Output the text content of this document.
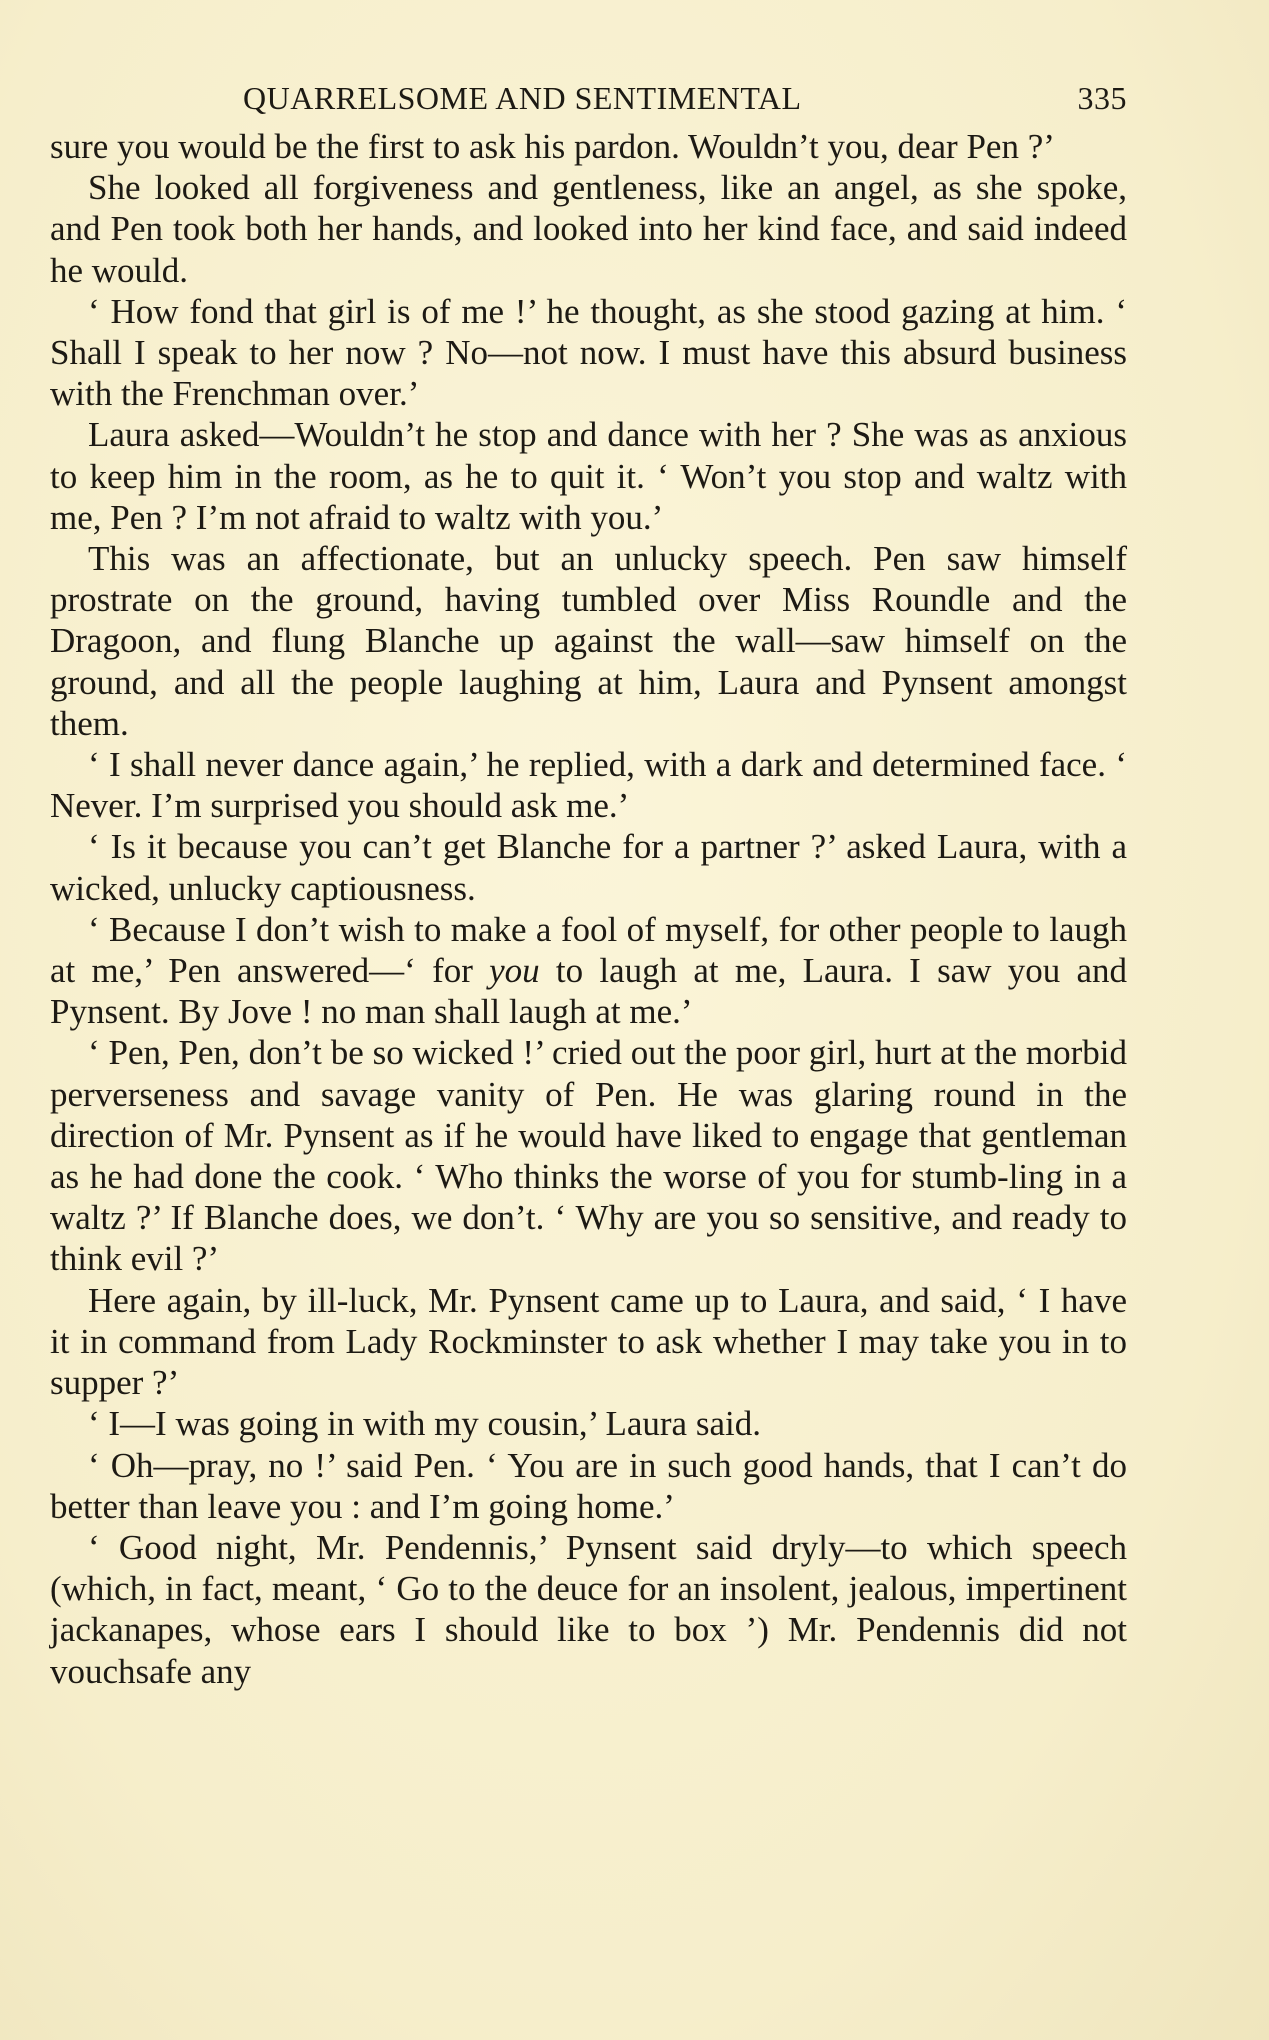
QUARRELSOME AND SENTIMENTAL	335

sure you would be the first to ask his pardon. Wouldn’t you, dear Pen ?’

She looked all forgiveness and gentleness, like an angel, as she spoke, and Pen took both her hands, and looked into her kind face, and said indeed he would.

‘ How fond that girl is of me !’ he thought, as she stood gazing at him. ‘ Shall I speak to her now ? No—not now. I must have this absurd business with the Frenchman over.’

Laura asked—Wouldn’t he stop and dance with her ? She was as anxious to keep him in the room, as he to quit it. ‘ Won’t you stop and waltz with me, Pen ? I’m not afraid to waltz with you.’

This was an affectionate, but an unlucky speech. Pen saw himself prostrate on the ground, having tumbled over Miss Roundle and the Dragoon, and flung Blanche up against the wall—saw himself on the ground, and all the people laughing at him, Laura and Pynsent amongst them.

‘ I shall never dance again,’ he replied, with a dark and determined face. ‘ Never. I’m surprised you should ask me.’

‘ Is it because you can’t get Blanche for a partner ?’ asked Laura, with a wicked, unlucky captiousness.

‘ Because I don’t wish to make a fool of myself, for other people to laugh at me,’ Pen answered—‘ for you to laugh at me, Laura. I saw you and Pynsent. By Jove ! no man shall laugh at me.’

‘ Pen, Pen, don’t be so wicked !’ cried out the poor girl, hurt at the morbid perverseness and savage vanity of Pen. He was glaring round in the direction of Mr. Pynsent as if he would have liked to engage that gentleman as he had done the cook. ‘ Who thinks the worse of you for stumb-ling in a waltz ?’ If Blanche does, we don’t. ‘ Why are you so sensitive, and ready to think evil ?’

Here again, by ill-luck, Mr. Pynsent came up to Laura, and said, ‘ I have it in command from Lady Rockminster to ask whether I may take you in to supper ?’

‘ I—I was going in with my cousin,’ Laura said.

‘ Oh—pray, no !’ said Pen. ‘ You are in such good hands, that I can’t do better than leave you : and I’m going home.’

‘ Good night, Mr. Pendennis,’ Pynsent said dryly—to which speech (which, in fact, meant, ‘ Go to the deuce for an insolent, jealous, impertinent jackanapes, whose ears I should like to box ’) Mr. Pendennis did not vouchsafe any
